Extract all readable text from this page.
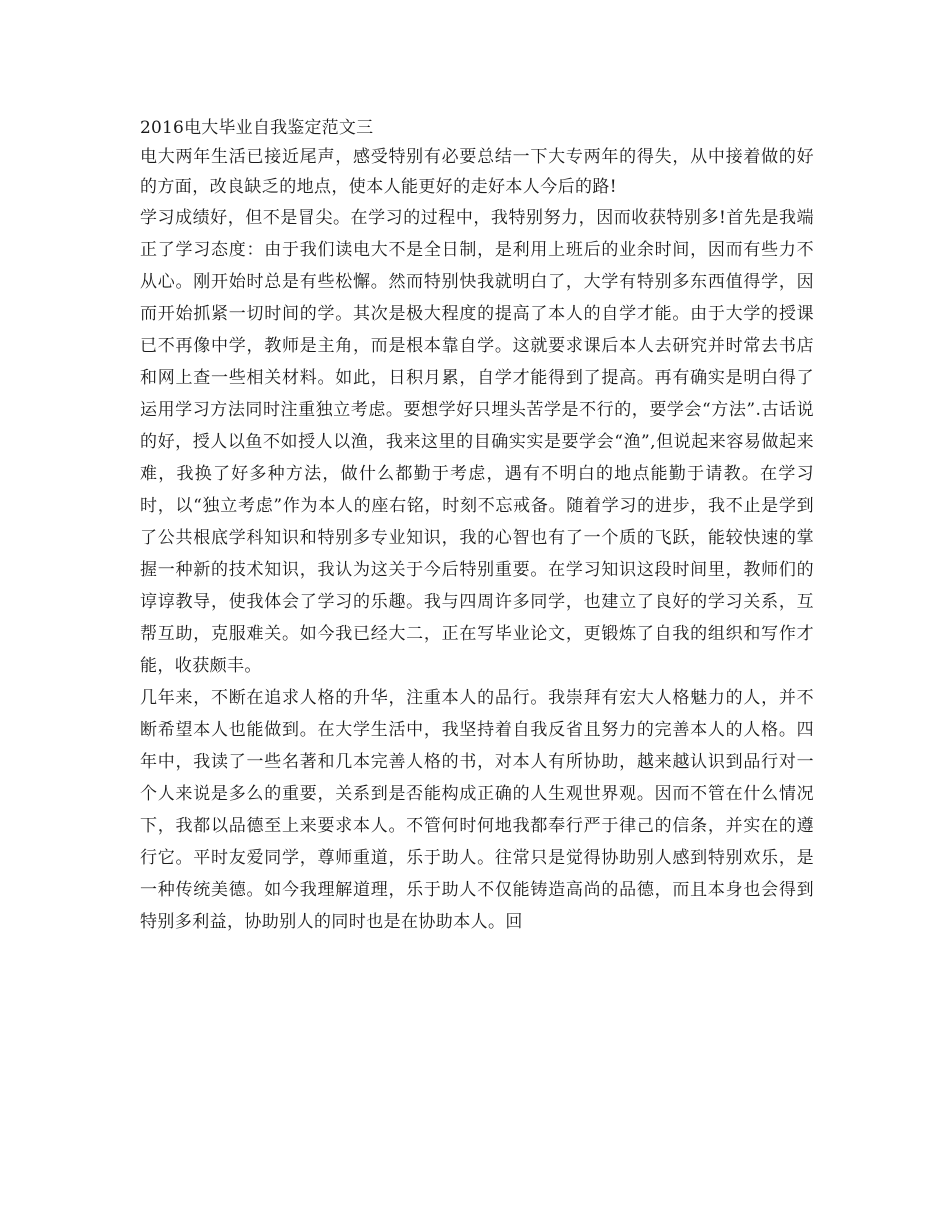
2016电大毕业自我鉴定范文三

电大两年生活已接近尾声，感受特别有必要总结一下大专两年的得失，从中接着做的好的方面，改良缺乏的地点，使本人能更好的走好本人今后的路!

学习成绩好，但不是冒尖。在学习的过程中，我特别努力，因而收获特别多!首先是我端正了学习态度：由于我们读电大不是全日制，是利用上班后的业余时间，因而有些力不从心。刚开始时总是有些松懈。然而特别快我就明白了，大学有特别多东西值得学，因而开始抓紧一切时间的学。其次是极大程度的提高了本人的自学才能。由于大学的授课已不再像中学，教师是主角，而是根本靠自学。这就要求课后本人去研究并时常去书店和网上查一些相关材料。如此，日积月累，自学才能得到了提高。再有确实是明白得了运用学习方法同时注重独立考虑。要想学好只埋头苦学是不行的，要学会“方法”.古话说的好，授人以鱼不如授人以渔，我来这里的目确实实是要学会“渔”,但说起来容易做起来难，我换了好多种方法，做什么都勤于考虑，遇有不明白的地点能勤于请教。在学习时，以“独立考虑”作为本人的座右铭，时刻不忘戒备。随着学习的进步，我不止是学到了公共根底学科知识和特别多专业知识，我的心智也有了一个质的飞跃，能较快速的掌握一种新的技术知识，我认为这关于今后特别重要。在学习知识这段时间里，教师们的谆谆教导，使我体会了学习的乐趣。我与四周许多同学，也建立了良好的学习关系，互帮互助，克服难关。如今我已经大二，正在写毕业论文，更锻炼了自我的组织和写作才能，收获颇丰。

几年来，不断在追求人格的升华，注重本人的品行。我崇拜有宏大人格魅力的人，并不断希望本人也能做到。在大学生活中，我坚持着自我反省且努力的完善本人的人格。四年中，我读了一些名著和几本完善人格的书，对本人有所协助，越来越认识到品行对一个人来说是多么的重要，关系到是否能构成正确的人生观世界观。因而不管在什么情况下，我都以品德至上来要求本人。不管何时何地我都奉行严于律己的信条，并实在的遵行它。平时友爱同学，尊师重道，乐于助人。往常只是觉得协助别人感到特别欢乐，是一种传统美德。如今我理解道理，乐于助人不仅能铸造高尚的品德，而且本身也会得到特别多利益，协助别人的同时也是在协助本人。回
